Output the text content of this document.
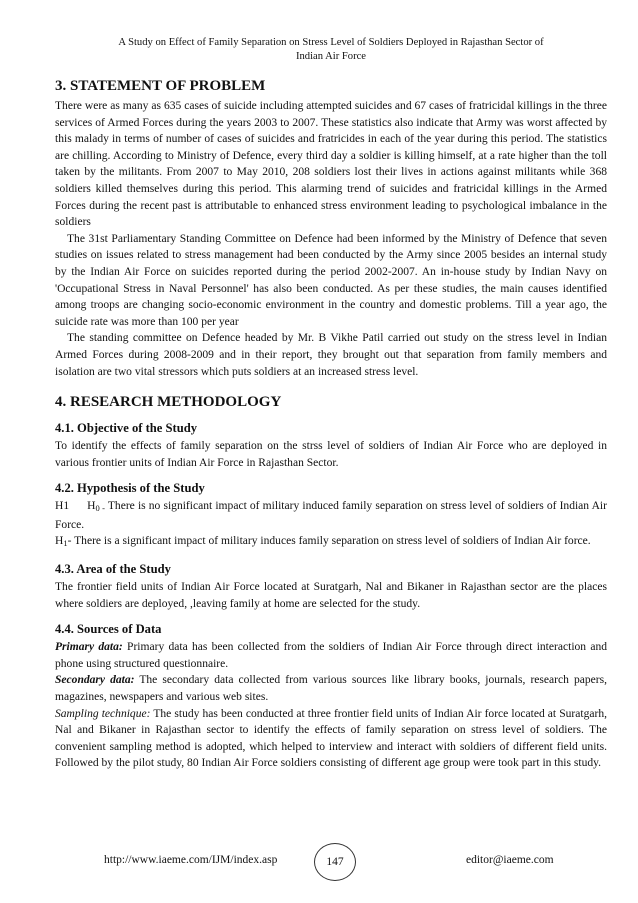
A Study on Effect of Family Separation on Stress Level of Soldiers Deployed in Rajasthan Sector of
Indian Air Force
3. STATEMENT OF PROBLEM

There were as many as 635 cases of suicide including attempted suicides and 67 cases of fratricidal killings in the three services of Armed Forces during the years 2003 to 2007. These statistics also indicate that Army was worst affected by this malady in terms of number of cases of suicides and fratricides in each of the year during this period. The statistics are chilling. According to Ministry of Defence, every third day a soldier is killing himself, at a rate higher than the toll taken by the militants. From 2007 to May 2010, 208 soldiers lost their lives in actions against militants while 368 soldiers killed themselves during this period. This alarming trend of suicides and fratricidal killings in the Armed Forces during the recent past is attributable to enhanced stress environment leading to psychological imbalance in the soldiers

The 31st Parliamentary Standing Committee on Defence had been informed by the Ministry of Defence that seven studies on issues related to stress management had been conducted by the Army since 2005 besides an internal study by the Indian Air Force on suicides reported during the period 2002-2007. An in-house study by Indian Navy on 'Occupational Stress in Naval Personnel' has also been conducted. As per these studies, the main causes identified among troops are changing socio-economic environment in the country and domestic problems. Till a year ago, the suicide rate was more than 100 per year

The standing committee on Defence headed by Mr. B Vikhe Patil carried out study on the stress level in Indian Armed Forces during 2008-2009 and in their report, they brought out that separation from family members and isolation are two vital stressors which puts soldiers at an increased stress level.

4. RESEARCH METHODOLOGY
4.1. Objective of the Study

To identify the effects of family separation on the strss level of soldiers of Indian Air Force who are deployed in various frontier units of Indian Air Force in Rajasthan Sector.

4.2. Hypothesis of the Study

H1 $H_{0 -}$ There is no significant impact of military induced family separation on stress level of soldiers of Indian Air Force.

$H_1-$ There is a significant impact of military induces family separation on stress level of soldiers of Indian Air force.

4.3. Area of the Study

The frontier field units of Indian Air Force located at Suratgarh, Nal and Bikaner in Rajasthan sector are the places where soldiers are deployed, ,leaving family at home are selected for the study.

4.4. Sources of Data

Primary data: Primary data has been collected from the soldiers of Indian Air Force through direct interaction and phone using structured questionnaire.

Secondary data: The secondary data collected from various sources like library books, journals, research papers, magazines, newspapers and various web sites.

Sampling technique: The study has been conducted at three frontier field units of Indian Air force located at Suratgarh, Nal and Bikaner in Rajasthan sector to identify the effects of family separation on stress level of soldiers. The convenient sampling method is adopted, which helped to interview and interact with soldiers of different field units. Followed by the pilot study, 80 Indian Air Force soldiers consisting of different age group were took part in this study.

http://www.iaeme.com/IJM/index.asp	147	editor@iaeme.com
